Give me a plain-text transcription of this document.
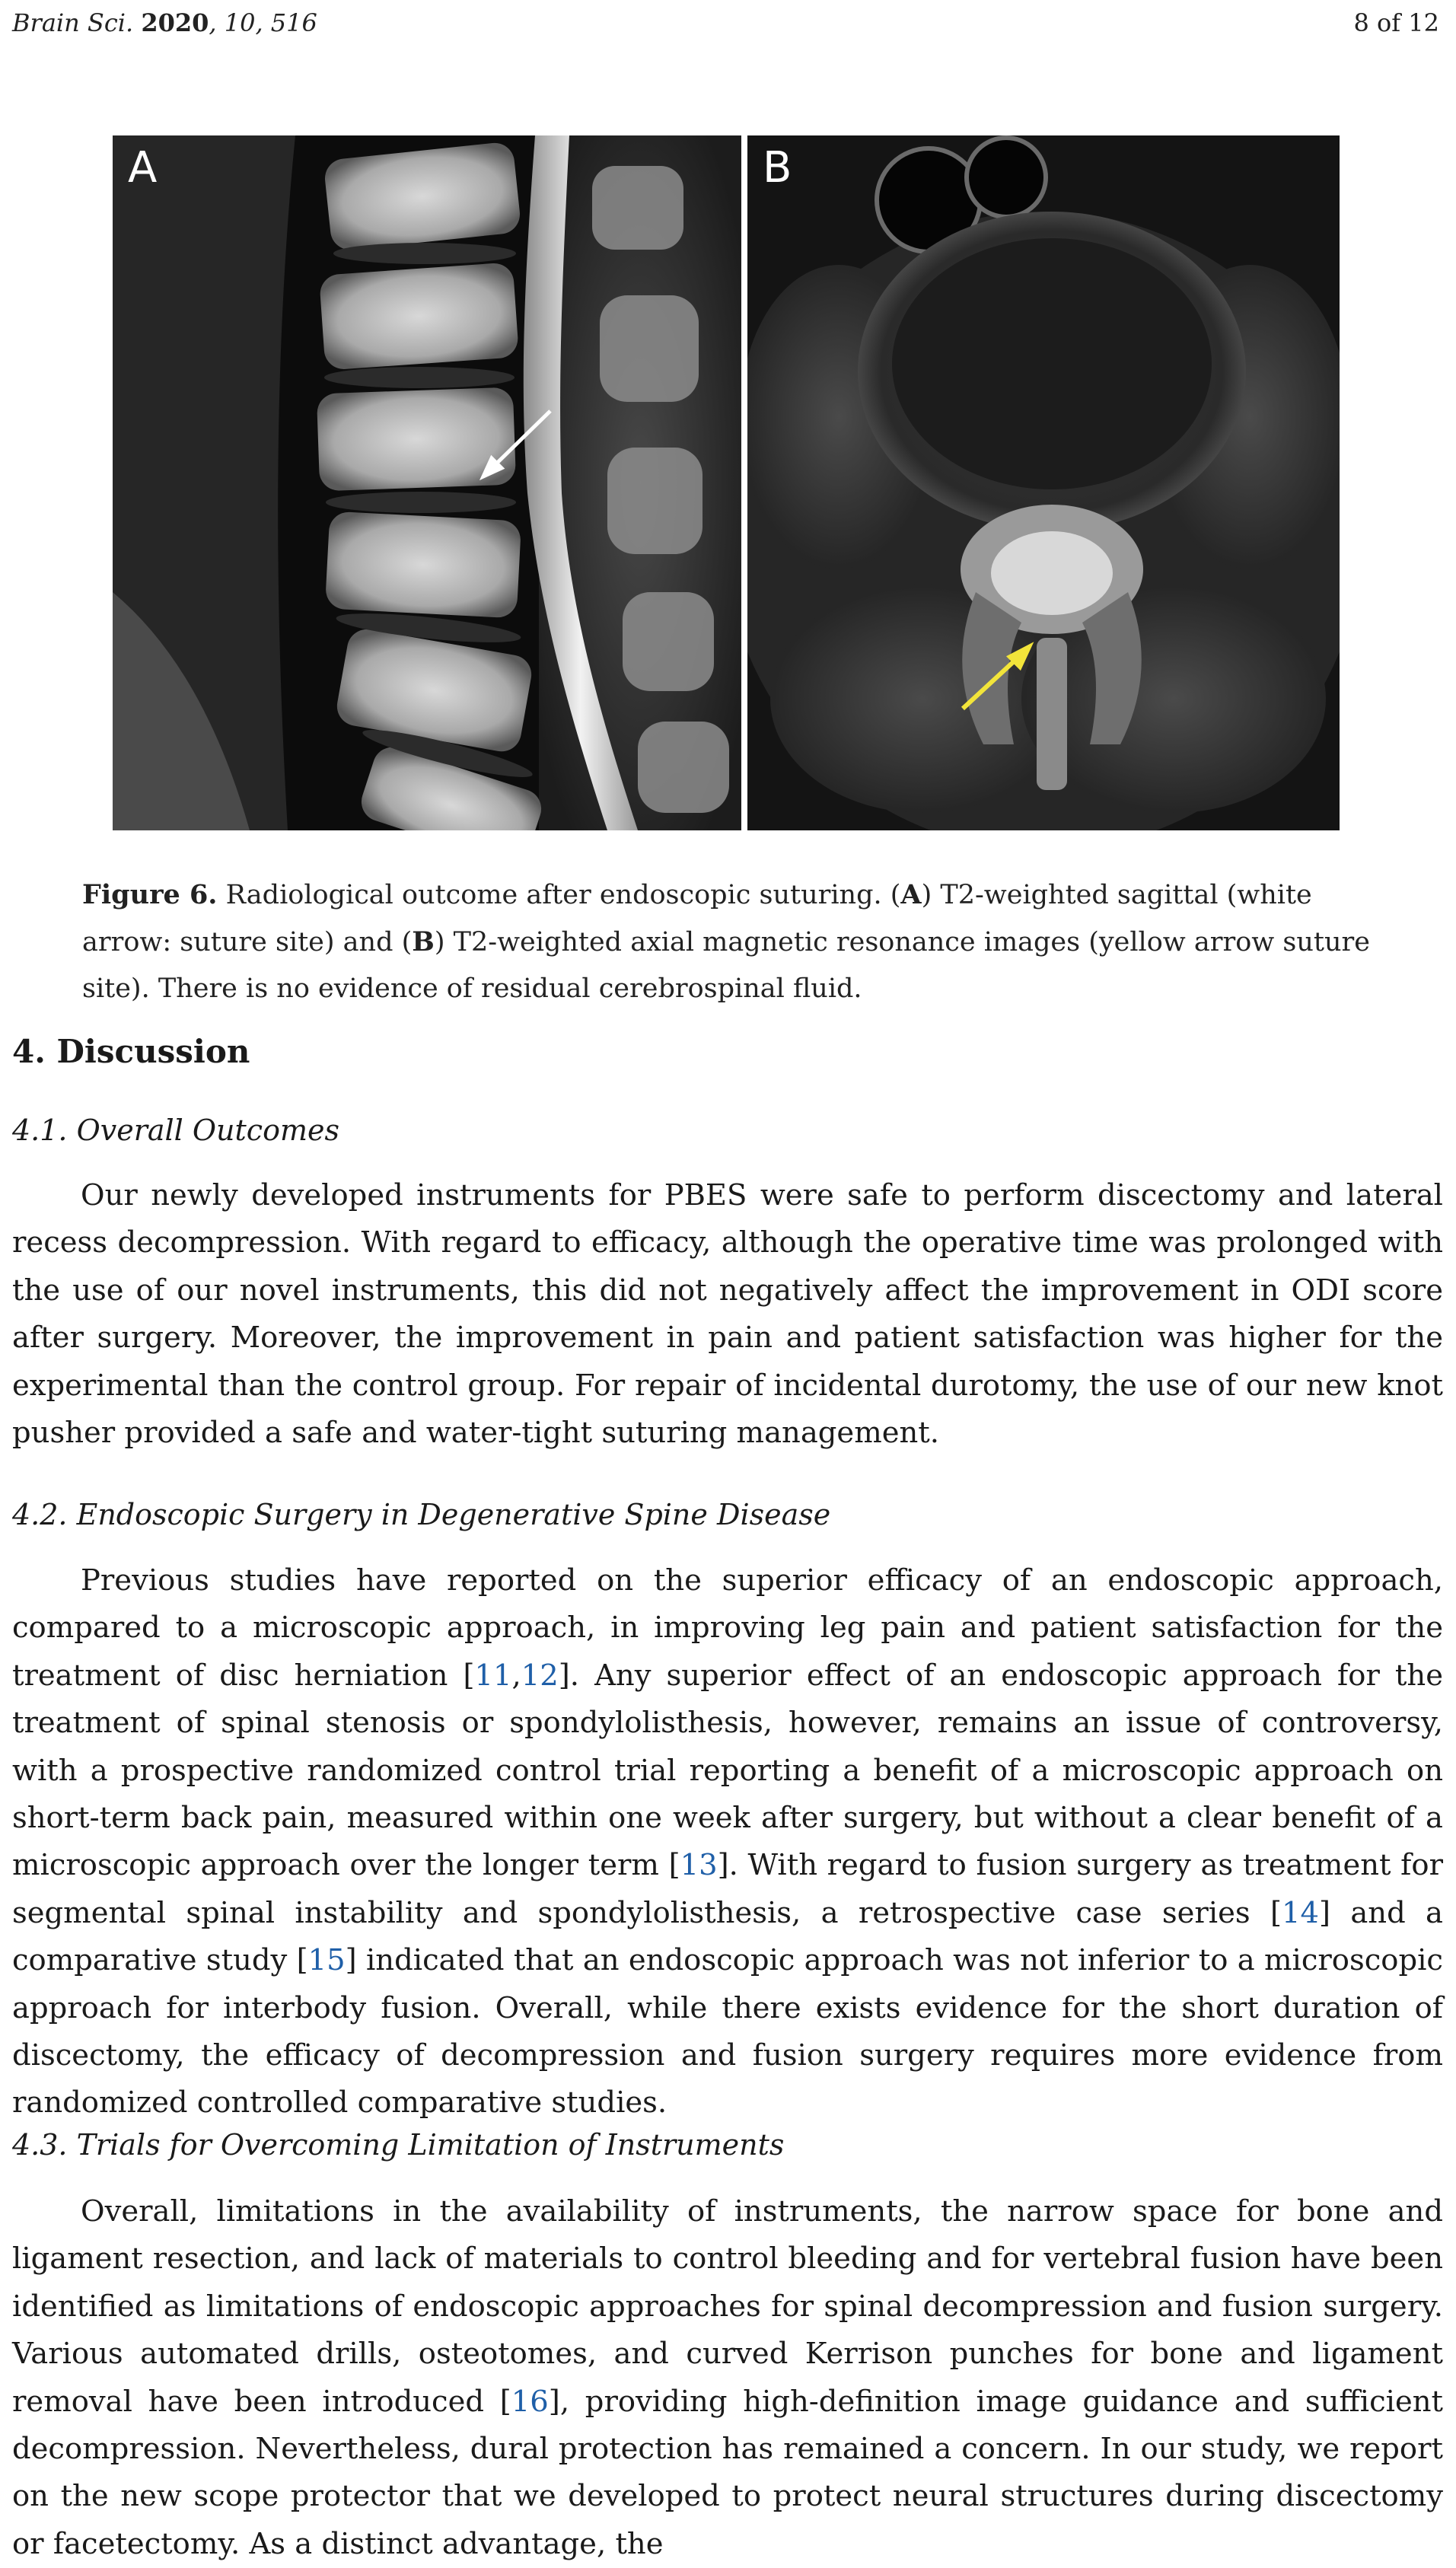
Brain Sci. 2020, 10, 516	8 of 12
A	B
Figure 6. Radiological outcome after endoscopic suturing. (A) T2-weighted sagittal (white arrow: suture site) and (B) T2-weighted axial magnetic resonance images (yellow arrow suture site). There is no evidence of residual cerebrospinal fluid.
4. Discussion
4.1. Overall Outcomes

Our newly developed instruments for PBES were safe to perform discectomy and lateral recess decompression. With regard to efficacy, although the operative time was prolonged with the use of our novel instruments, this did not negatively affect the improvement in ODI score after surgery. Moreover, the improvement in pain and patient satisfaction was higher for the experimental than the control group. For repair of incidental durotomy, the use of our new knot pusher provided a safe and water-tight suturing management.

4.2. Endoscopic Surgery in Degenerative Spine Disease

Previous studies have reported on the superior efficacy of an endoscopic approach, compared to a microscopic approach, in improving leg pain and patient satisfaction for the treatment of disc herniation [11,12]. Any superior effect of an endoscopic approach for the treatment of spinal stenosis or spondylolisthesis, however, remains an issue of controversy, with a prospective randomized control trial reporting a benefit of a microscopic approach on short-term back pain, measured within one week after surgery, but without a clear benefit of a microscopic approach over the longer term [13]. With regard to fusion surgery as treatment for segmental spinal instability and spondylolisthesis, a retrospective case series [14] and a comparative study [15] indicated that an endoscopic approach was not inferior to a microscopic approach for interbody fusion. Overall, while there exists evidence for the short duration of discectomy, the efficacy of decompression and fusion surgery requires more evidence from randomized controlled comparative studies.

4.3. Trials for Overcoming Limitation of Instruments

Overall, limitations in the availability of instruments, the narrow space for bone and ligament resection, and lack of materials to control bleeding and for vertebral fusion have been identified as limitations of endoscopic approaches for spinal decompression and fusion surgery. Various automated drills, osteotomes, and curved Kerrison punches for bone and ligament removal have been introduced [16], providing high-definition image guidance and sufficient decompression. Nevertheless, dural protection has remained a concern. In our study, we report on the new scope protector that we developed to protect neural structures during discectomy or facetectomy. As a distinct advantage, the
